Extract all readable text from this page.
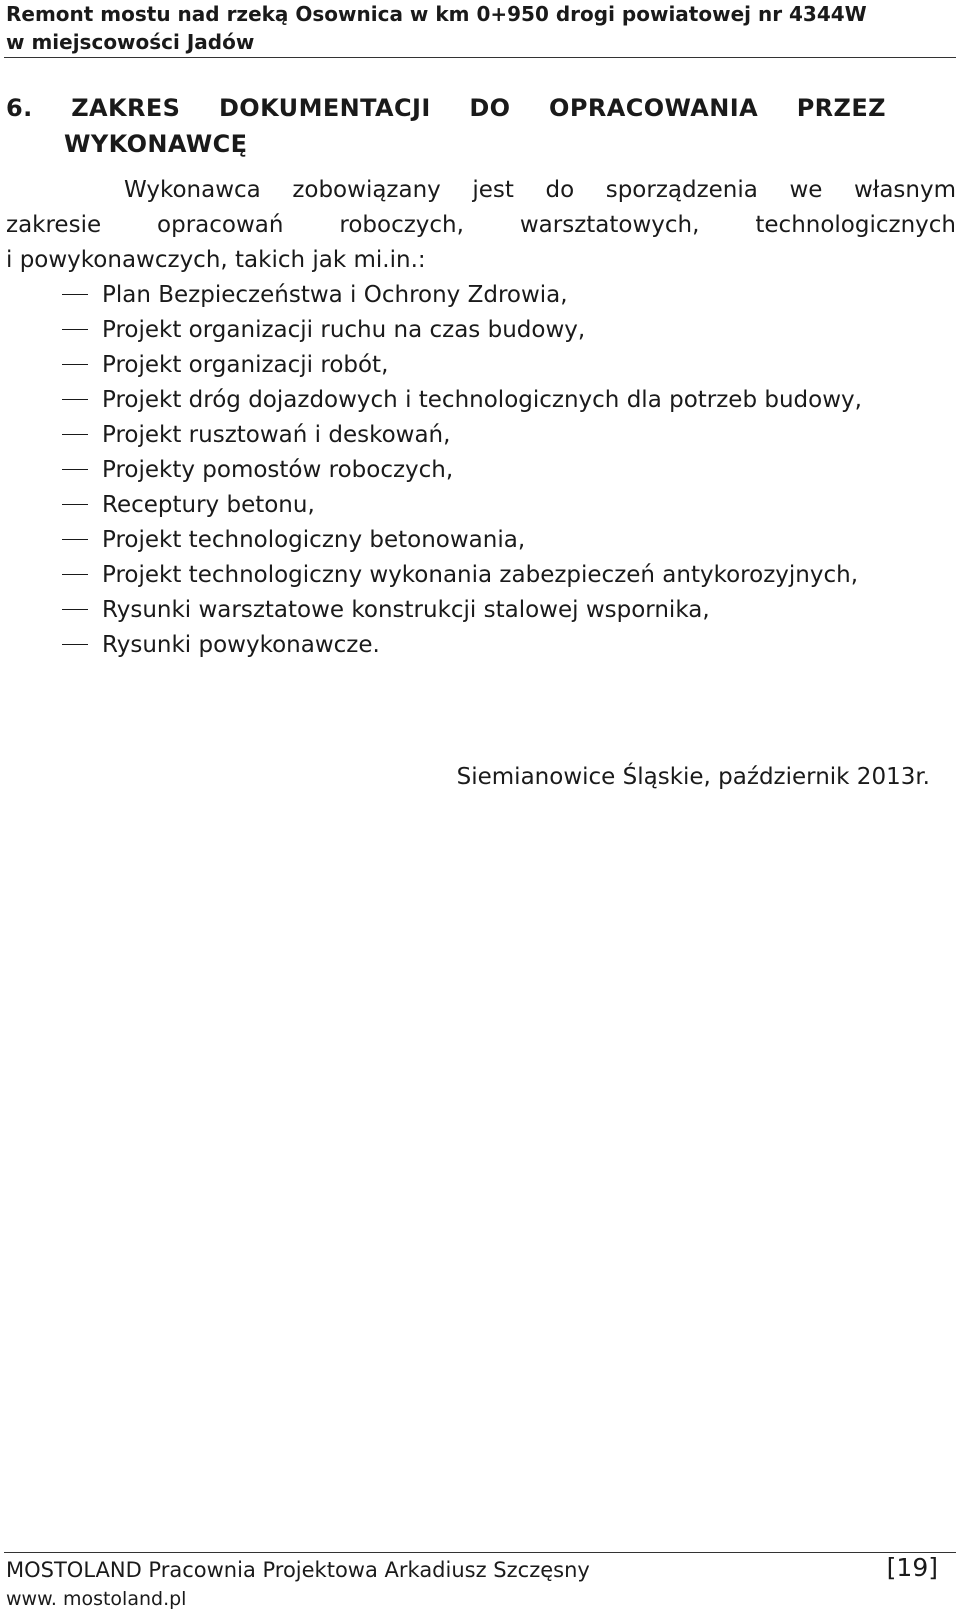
Remont mostu nad rzeką Osownica w km 0+950 drogi powiatowej nr 4344W
w miejscowości Jadów
6. ZAKRES DOKUMENTACJI DO OPRACOWANIA PRZEZ
WYKONAWCĘ
Wykonawca zobowiązany jest do sporządzenia we własnym
zakresie opracowań roboczych, warsztatowych, technologicznych
i powykonawczych, takich jak mi.in.:
Plan Bezpieczeństwa i Ochrony Zdrowia,
Projekt organizacji ruchu na czas budowy,
Projekt organizacji robót,
Projekt dróg dojazdowych i technologicznych dla potrzeb budowy,
Projekt rusztowań i deskowań,
Projekty pomostów roboczych,
Receptury betonu,
Projekt technologiczny betonowania,
Projekt technologiczny wykonania zabezpieczeń antykorozyjnych,
Rysunki warsztatowe konstrukcji stalowej wspornika,
Rysunki powykonawcze.
Siemianowice Śląskie, październik 2013r.
MOSTOLAND Pracownia Projektowa Arkadiusz Szczęsny	[19]
www. mostoland.pl
